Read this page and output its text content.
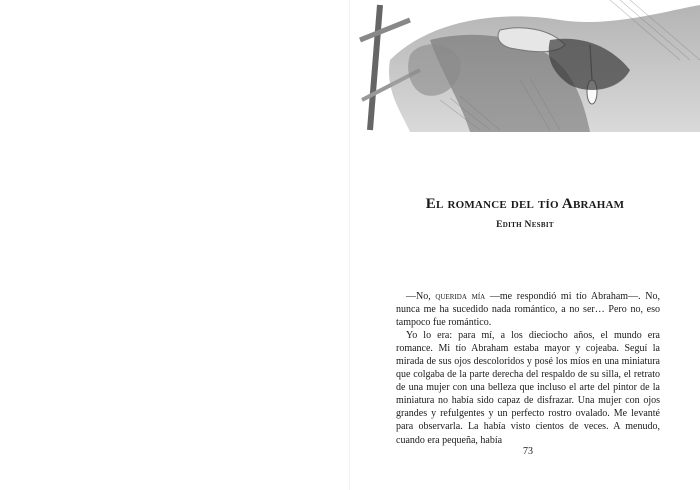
El romance del tío Abraham
Edith Nesbit

—No, querida mía —me respondió mi tío Abraham—. No, nunca me ha sucedido nada romántico, a no ser… Pero no, eso tampoco fue romántico.

Yo lo era: para mí, a los dieciocho años, el mundo era romance. Mi tío Abraham estaba mayor y cojeaba. Seguí la mirada de sus ojos descoloridos y posé los míos en una miniatura que colgaba de la parte derecha del respaldo de su silla, el retrato de una mujer con una belleza que incluso el arte del pintor de la miniatura no había sido capaz de disfrazar. Una mujer con ojos grandes y refulgentes y un perfecto rostro ovalado. Me levanté para observarla. La había visto cientos de veces. A menudo, cuando era pequeña, había

73
